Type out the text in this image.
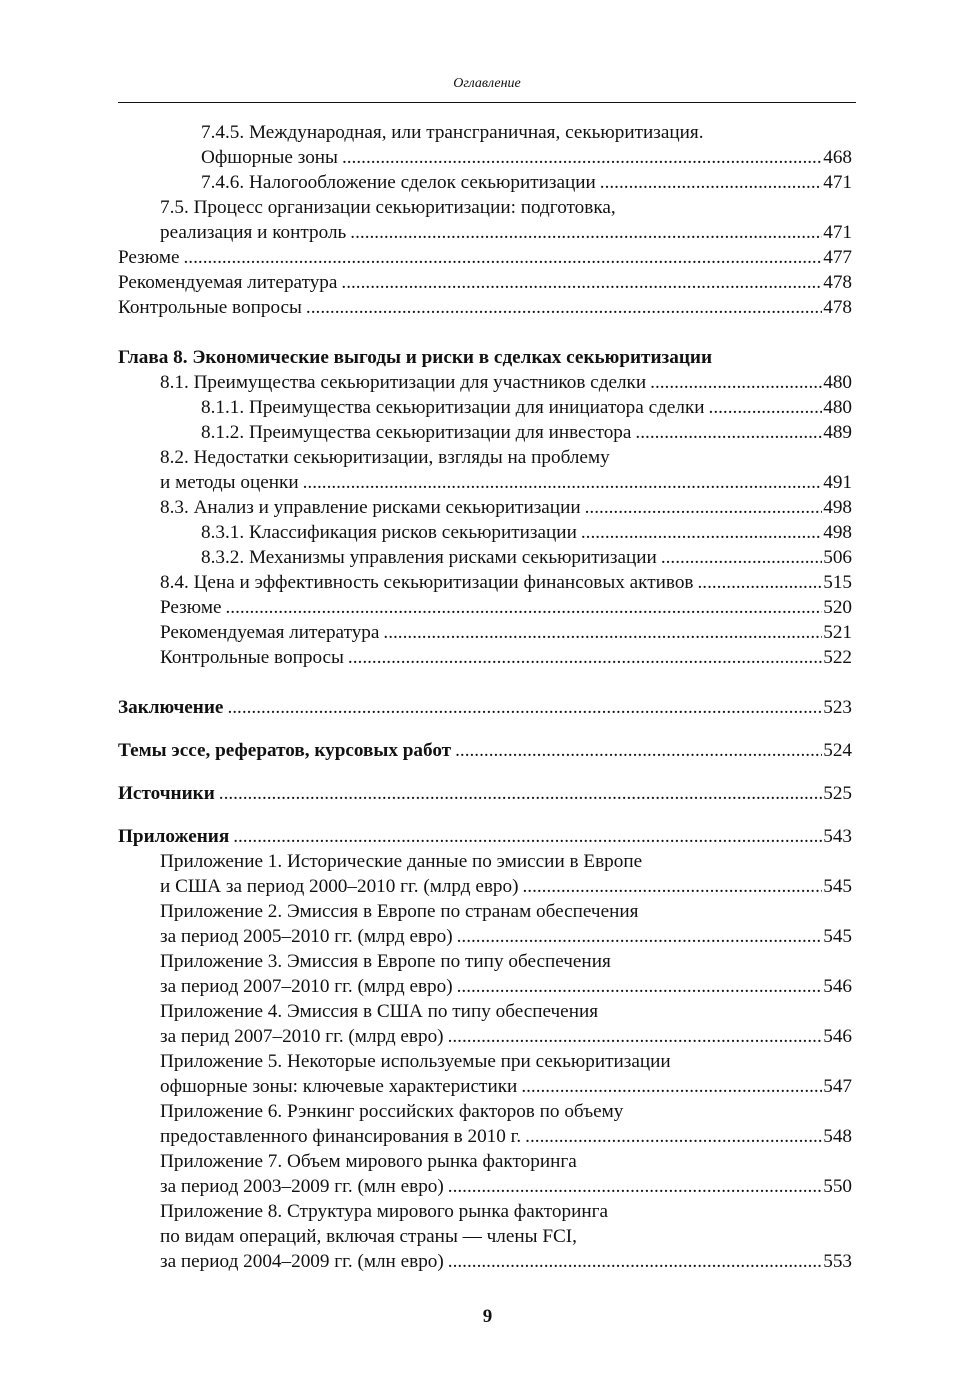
Оглавление
7.4.5. Международная, или трансграничная, секьюритизация.
Офшорные зоны .....	468
7.4.6. Налогообложение сделок секьюритизации .....	471
7.5. Процесс организации секьюритизации: подготовка,
реализация и контроль .....	471
Резюме .....	477
Рекомендуемая литература .....	478
Контрольные вопросы .....	478
Глава 8. Экономические выгоды и риски в сделках секьюритизации
8.1. Преимущества секьюритизации для участников сделки .....	480
8.1.1. Преимущества секьюритизации для инициатора сделки .....	480
8.1.2. Преимущества секьюритизации для инвестора .....	489
8.2. Недостатки секьюритизации, взгляды на проблему
и методы оценки .....	491
8.3. Анализ и управление рисками секьюритизации .....	498
8.3.1. Классификация рисков секьюритизации .....	498
8.3.2. Механизмы управления рисками секьюритизации .....	506
8.4. Цена и эффективность секьюритизации финансовых активов .....	515
Резюме .....	520
Рекомендуемая литература .....	521
Контрольные вопросы .....	522
Заключение .....	523
Темы эссе, рефератов, курсовых работ .....	524
Источники .....	525
Приложения .....	543
Приложение 1. Исторические данные по эмиссии в Европе
и США за период 2000–2010 гг. (млрд евро) .....	545
Приложение 2. Эмиссия в Европе по странам обеспечения
за период 2005–2010 гг. (млрд евро) .....	545
Приложение 3. Эмиссия в Европе по типу обеспечения
за период 2007–2010 гг. (млрд евро) .....	546
Приложение 4. Эмиссия в США по типу обеспечения
за перид 2007–2010 гг. (млрд евро) .....	546
Приложение 5. Некоторые используемые при секьюритизации
офшорные зоны: ключевые характеристики .....	547
Приложение 6. Рэнкинг российских факторов по объему
предоставленного финансирования в 2010 г. .....	548
Приложение 7. Объем мирового рынка факторинга
за период 2003–2009 гг. (млн евро) .....	550
Приложение 8. Структура мирового рынка факторинга
по видам операций, включая страны — члены FCI,
за период 2004–2009 гг. (млн евро) .....	553
9
